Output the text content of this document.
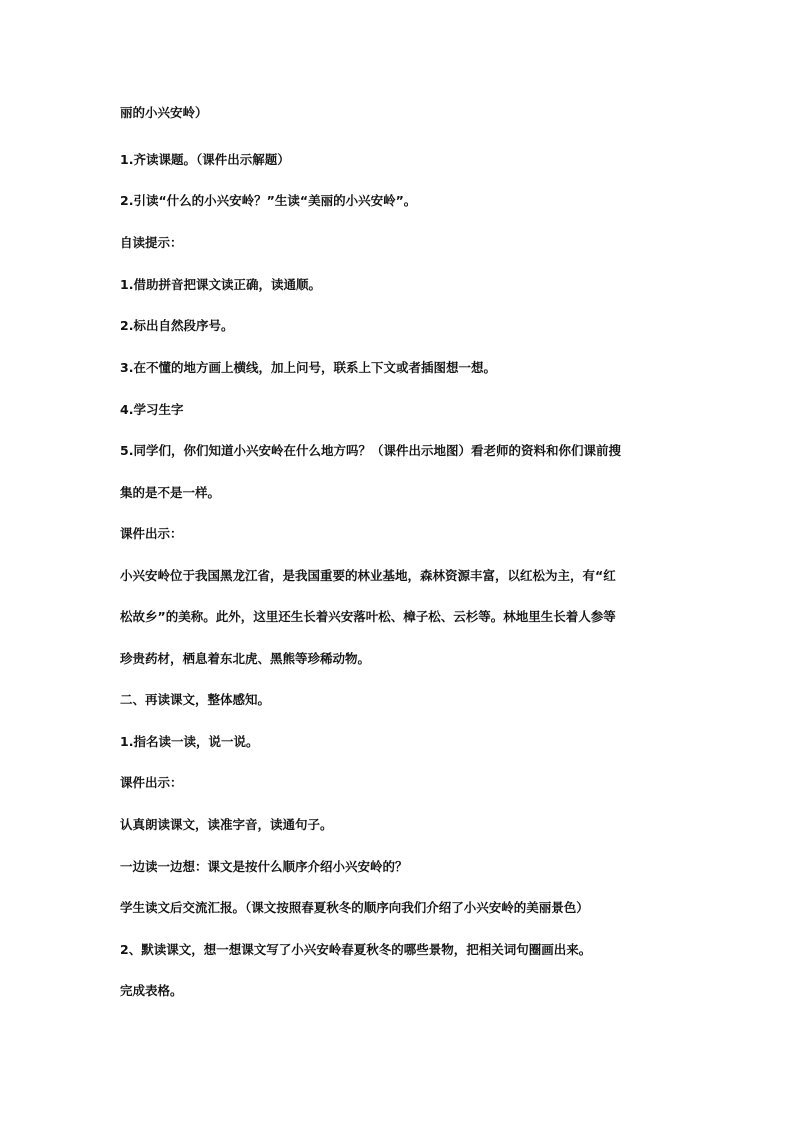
丽的小兴安岭）
1.齐读课题。（课件出示解题）
2.引读“什么的小兴安岭？”生读“美丽的小兴安岭”。
自读提示：
1.借助拼音把课文读正确，读通顺。
2.标出自然段序号。
3.在不懂的地方画上横线，加上问号，联系上下文或者插图想一想。
4.学习生字
5.同学们，你们知道小兴安岭在什么地方吗？（课件出示地图）看老师的资料和你们课前搜
集的是不是一样。
课件出示：
小兴安岭位于我国黑龙江省，是我国重要的林业基地，森林资源丰富，以红松为主，有“红
松故乡”的美称。此外，这里还生长着兴安落叶松、樟子松、云杉等。林地里生长着人参等
珍贵药材，栖息着东北虎、黑熊等珍稀动物。
二、再读课文，整体感知。
1.指名读一读，说一说。
课件出示：
认真朗读课文，读准字音，读通句子。
一边读一边想：课文是按什么顺序介绍小兴安岭的？
学生读文后交流汇报。（课文按照春夏秋冬的顺序向我们介绍了小兴安岭的美丽景色）
2、默读课文，想一想课文写了小兴安岭春夏秋冬的哪些景物，把相关词句圈画出来。
完成表格。
